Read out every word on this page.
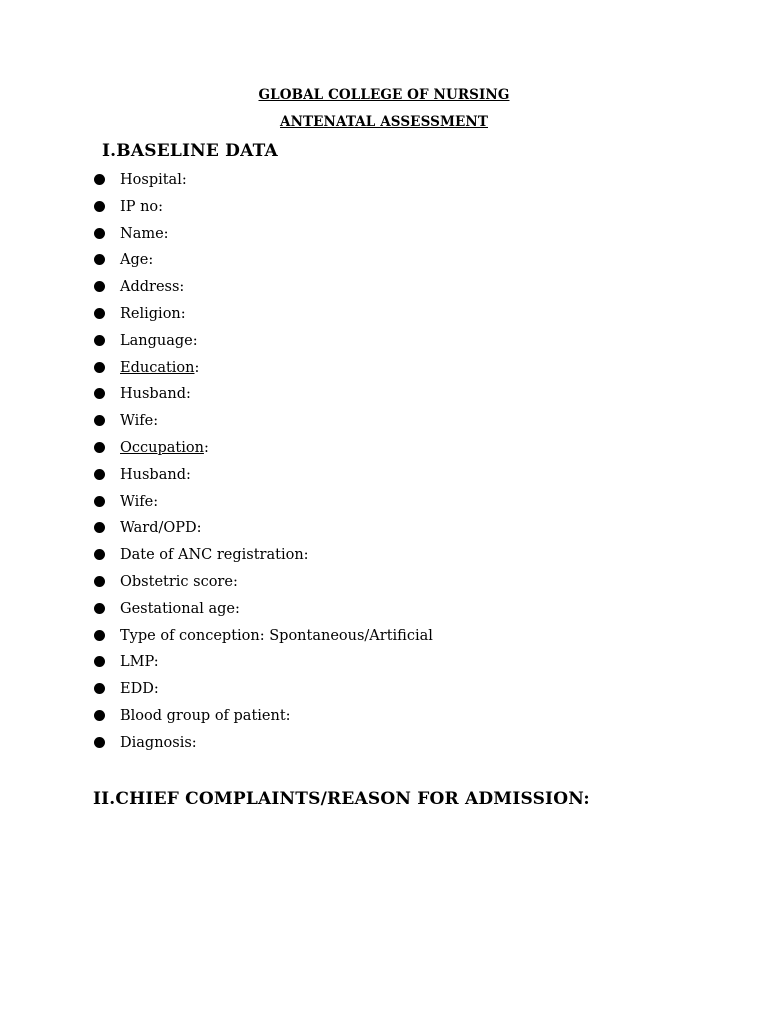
GLOBAL COLLEGE OF NURSING
ANTENATAL ASSESSMENT
I.BASELINE DATA
Hospital:
IP no:
Name:
Age:
Address:
Religion:
Language:
Education:
Husband:
Wife:
Occupation:
Husband:
Wife:
Ward/OPD:
Date of ANC registration:
Obstetric score:
Gestational age:
Type of conception: Spontaneous/Artificial
LMP:
EDD:
Blood group of patient:
Diagnosis:
II.CHIEF COMPLAINTS/REASON FOR ADMISSION:
